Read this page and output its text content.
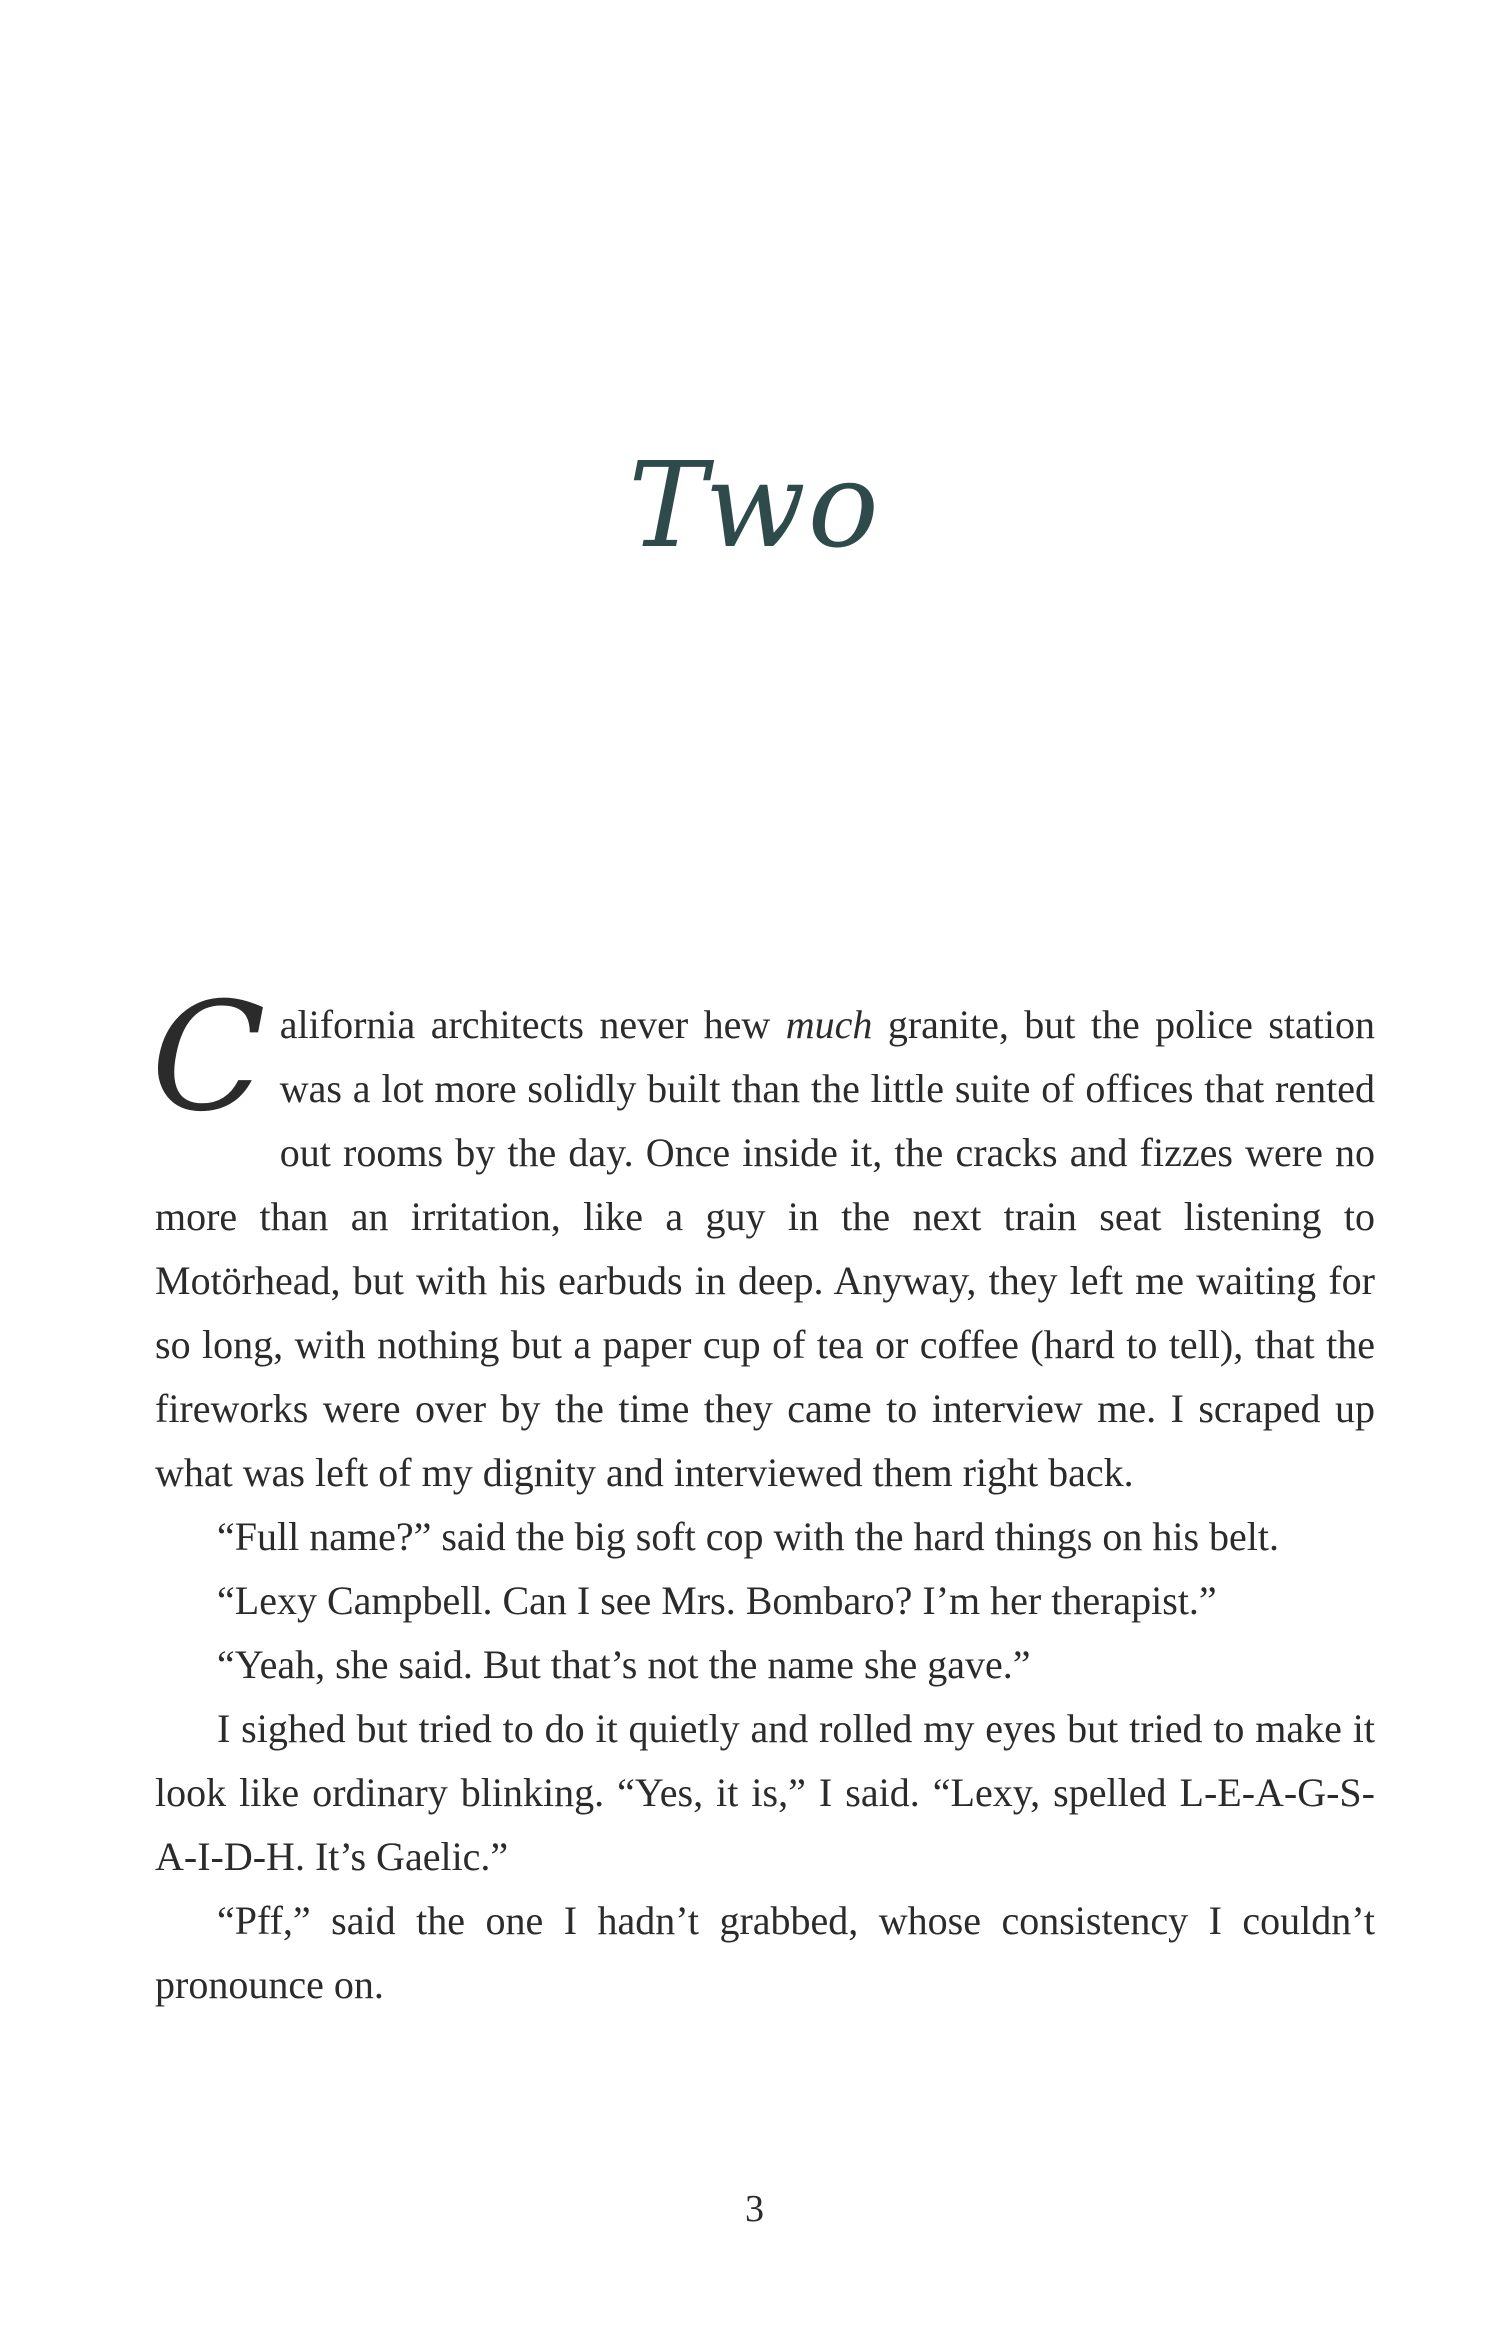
Two

California architects never hew much granite, but the police station was a lot more solidly built than the little suite of offices that rented out rooms by the day. Once inside it, the cracks and fizzes were no more than an irritation, like a guy in the next train seat listening to Motörhead, but with his earbuds in deep. Anyway, they left me waiting for so long, with nothing but a paper cup of tea or coffee (hard to tell), that the fireworks were over by the time they came to interview me. I scraped up what was left of my dignity and interviewed them right back.

“Full name?” said the big soft cop with the hard things on his belt.

“Lexy Campbell. Can I see Mrs. Bombaro? I’m her therapist.”

“Yeah, she said. But that’s not the name she gave.”

I sighed but tried to do it quietly and rolled my eyes but tried to make it look like ordinary blinking. “Yes, it is,” I said. “Lexy, spelled L-E-A-G-S-A-I-D-H. It’s Gaelic.”

“Pff,” said the one I hadn’t grabbed, whose consistency I couldn’t pronounce on.

3
